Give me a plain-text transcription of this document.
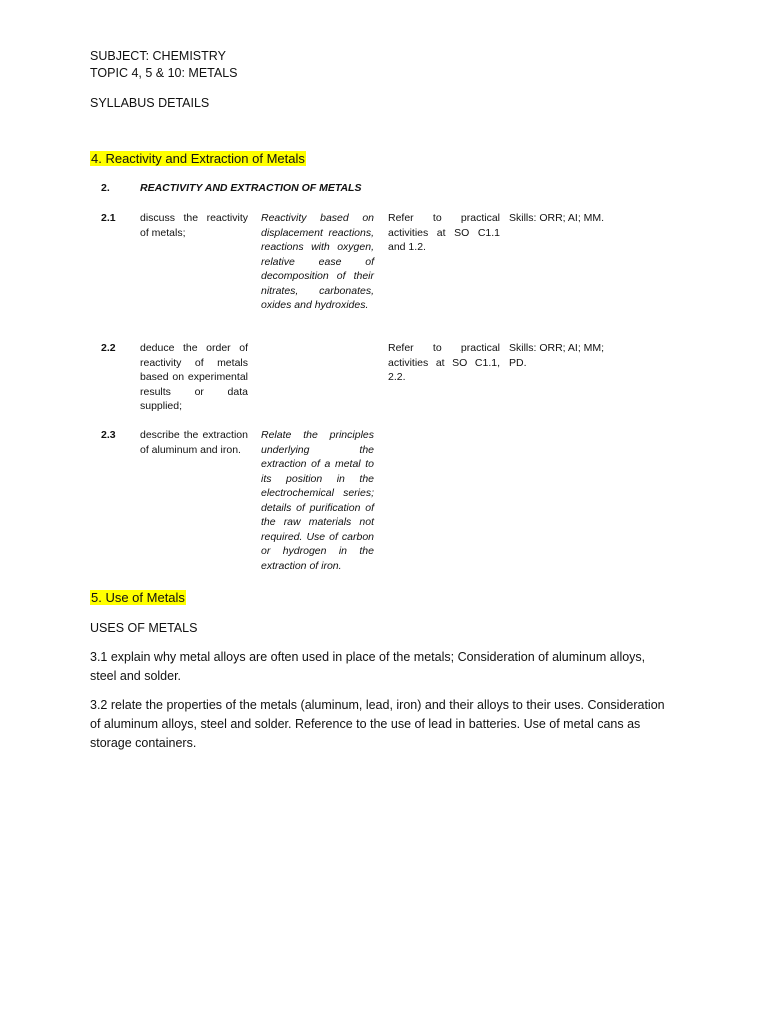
SUBJECT: CHEMISTRY
TOPIC 4, 5 & 10: METALS
SYLLABUS DETAILS
4. Reactivity and Extraction of Metals
2.	REACTIVITY AND EXTRACTION OF METALS
2.1 discuss the reactivity of metals;
Reactivity based on displacement reactions, reactions with oxygen, relative ease of decomposition of their nitrates, carbonates, oxides and hydroxides.
Refer to practical activities at SO C1.1 and 1.2.
Skills: ORR; AI; MM.
2.2 deduce the order of reactivity of metals based on experimental results or data supplied;
Refer to practical activities at SO C1.1, 2.2.
Skills: ORR; AI; MM; PD.
2.3 describe the extraction of aluminum and iron.
Relate the principles underlying the extraction of a metal to its position in the electrochemical series; details of purification of the raw materials not required. Use of carbon or hydrogen in the extraction of iron.
5. Use of Metals
USES OF METALS
3.1 explain why metal alloys are often used in place of the metals; Consideration of aluminum alloys, steel and solder.
3.2 relate the properties of the metals (aluminum, lead, iron) and their alloys to their uses. Consideration of aluminum alloys, steel and solder. Reference to the use of lead in batteries. Use of metal cans as storage containers.
